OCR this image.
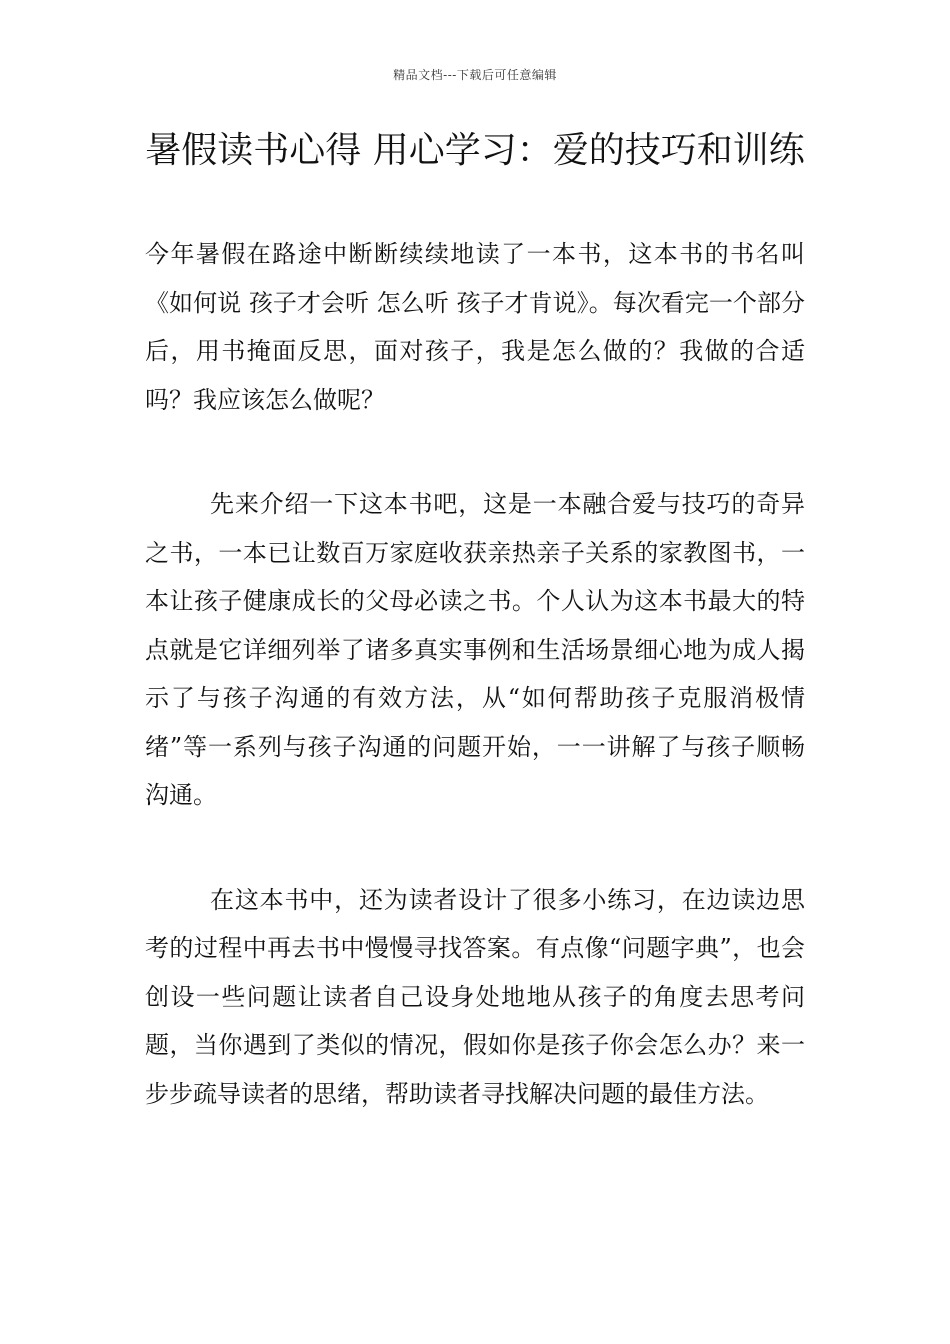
精品文档---下载后可任意编辑
暑假读书心得 用心学习：爱的技巧和训练

今年暑假在路途中断断续续地读了一本书，这本书的书名叫《如何说 孩子才会听 怎么听 孩子才肯说》。每次看完一个部分后，用书掩面反思，面对孩子，我是怎么做的？我做的合适吗？我应该怎么做呢？

先来介绍一下这本书吧，这是一本融合爱与技巧的奇异之书，一本已让数百万家庭收获亲热亲子关系的家教图书，一本让孩子健康成长的父母必读之书。个人认为这本书最大的特点就是它详细列举了诸多真实事例和生活场景细心地为成人揭示了与孩子沟通的有效方法，从“如何帮助孩子克服消极情绪”等一系列与孩子沟通的问题开始，一一讲解了与孩子顺畅沟通。

在这本书中，还为读者设计了很多小练习，在边读边思考的过程中再去书中慢慢寻找答案。有点像“问题字典”，也会创设一些问题让读者自己设身处地地从孩子的角度去思考问题，当你遇到了类似的情况，假如你是孩子你会怎么办？来一步步疏导读者的思绪，帮助读者寻找解决问题的最佳方法。
